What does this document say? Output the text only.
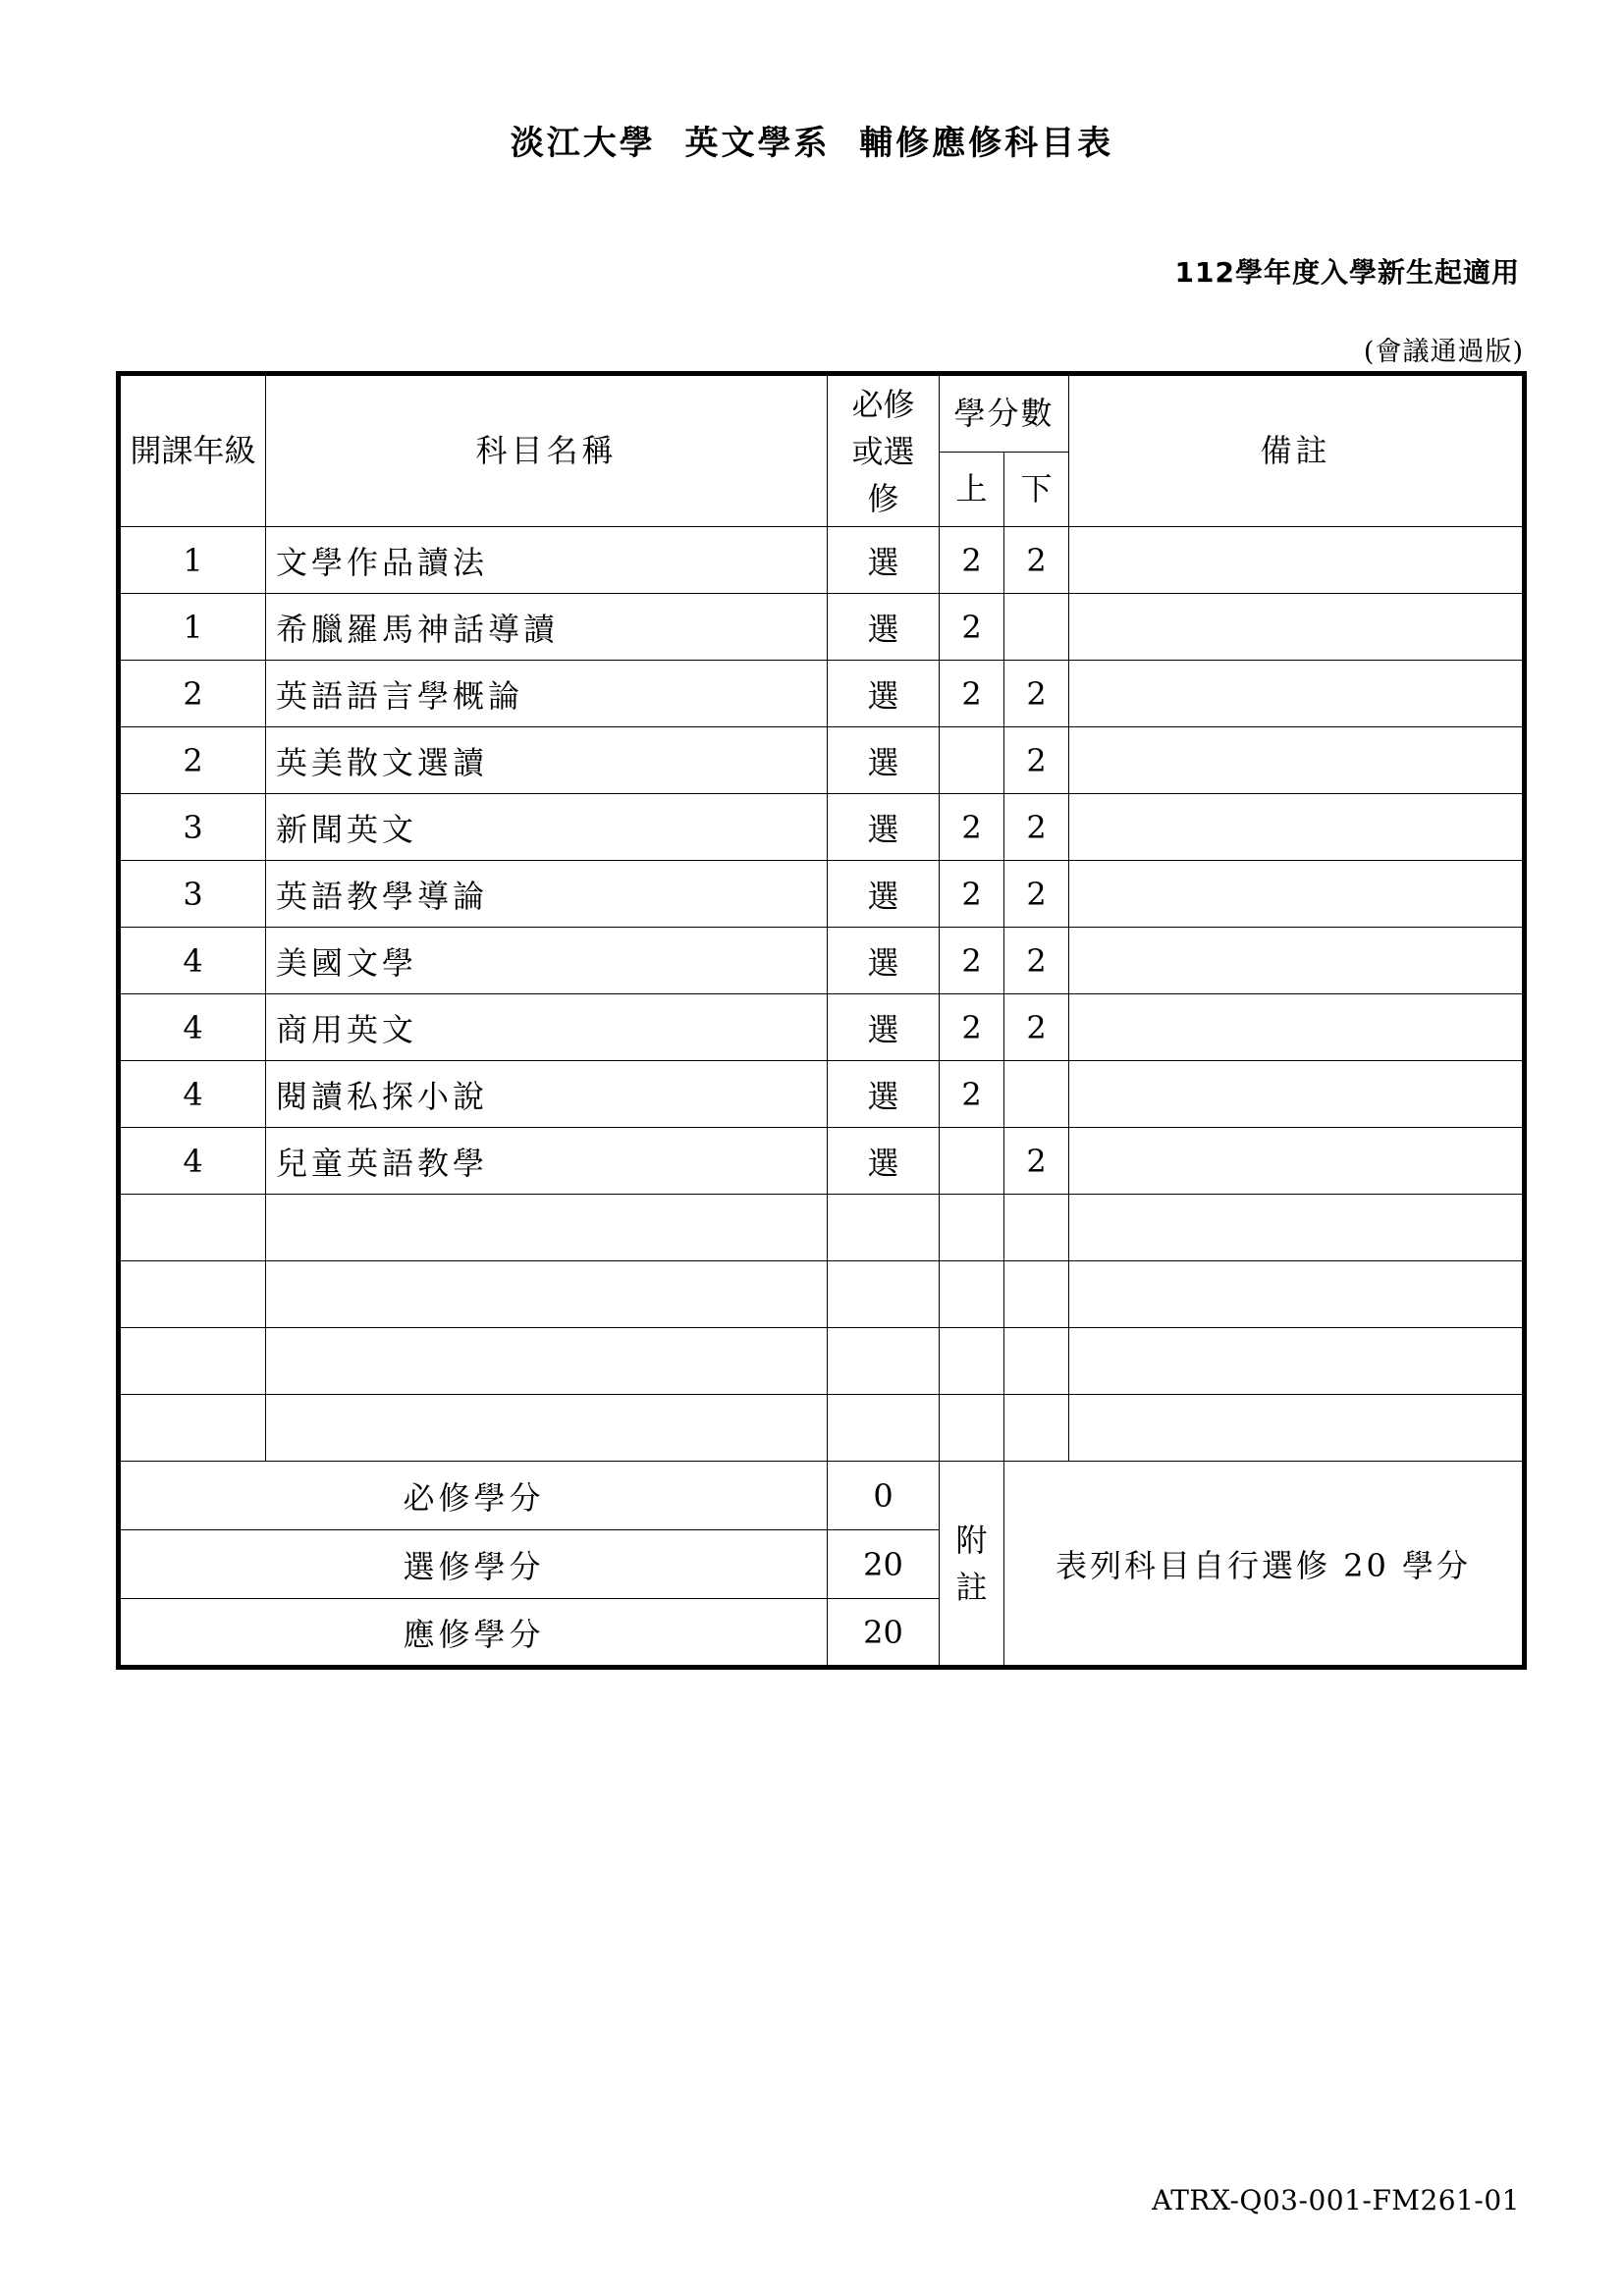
淡江大學  英文學系  輔修應修科目表
112學年度入學新生起適用
(會議通過版)
開課年級	科目名稱	必修或選修	學分數		備註
			上	下	
1	文學作品讀法	選	2	2	
1	希臘羅馬神話導讀	選	2		
2	英語語言學概論	選	2	2	
2	英美散文選讀	選		2	
3	新聞英文	選	2	2	
3	英語教學導論	選	2	2	
4	美國文學	選	2	2	
4	商用英文	選	2	2	
4	閱讀私探小說	選	2		
4	兒童英語教學	選		2	

必修學分		0	附註	表列科目自行選修 20 學分	
選修學分		20			
應修學分		20			
ATRX-Q03-001-FM261-01
